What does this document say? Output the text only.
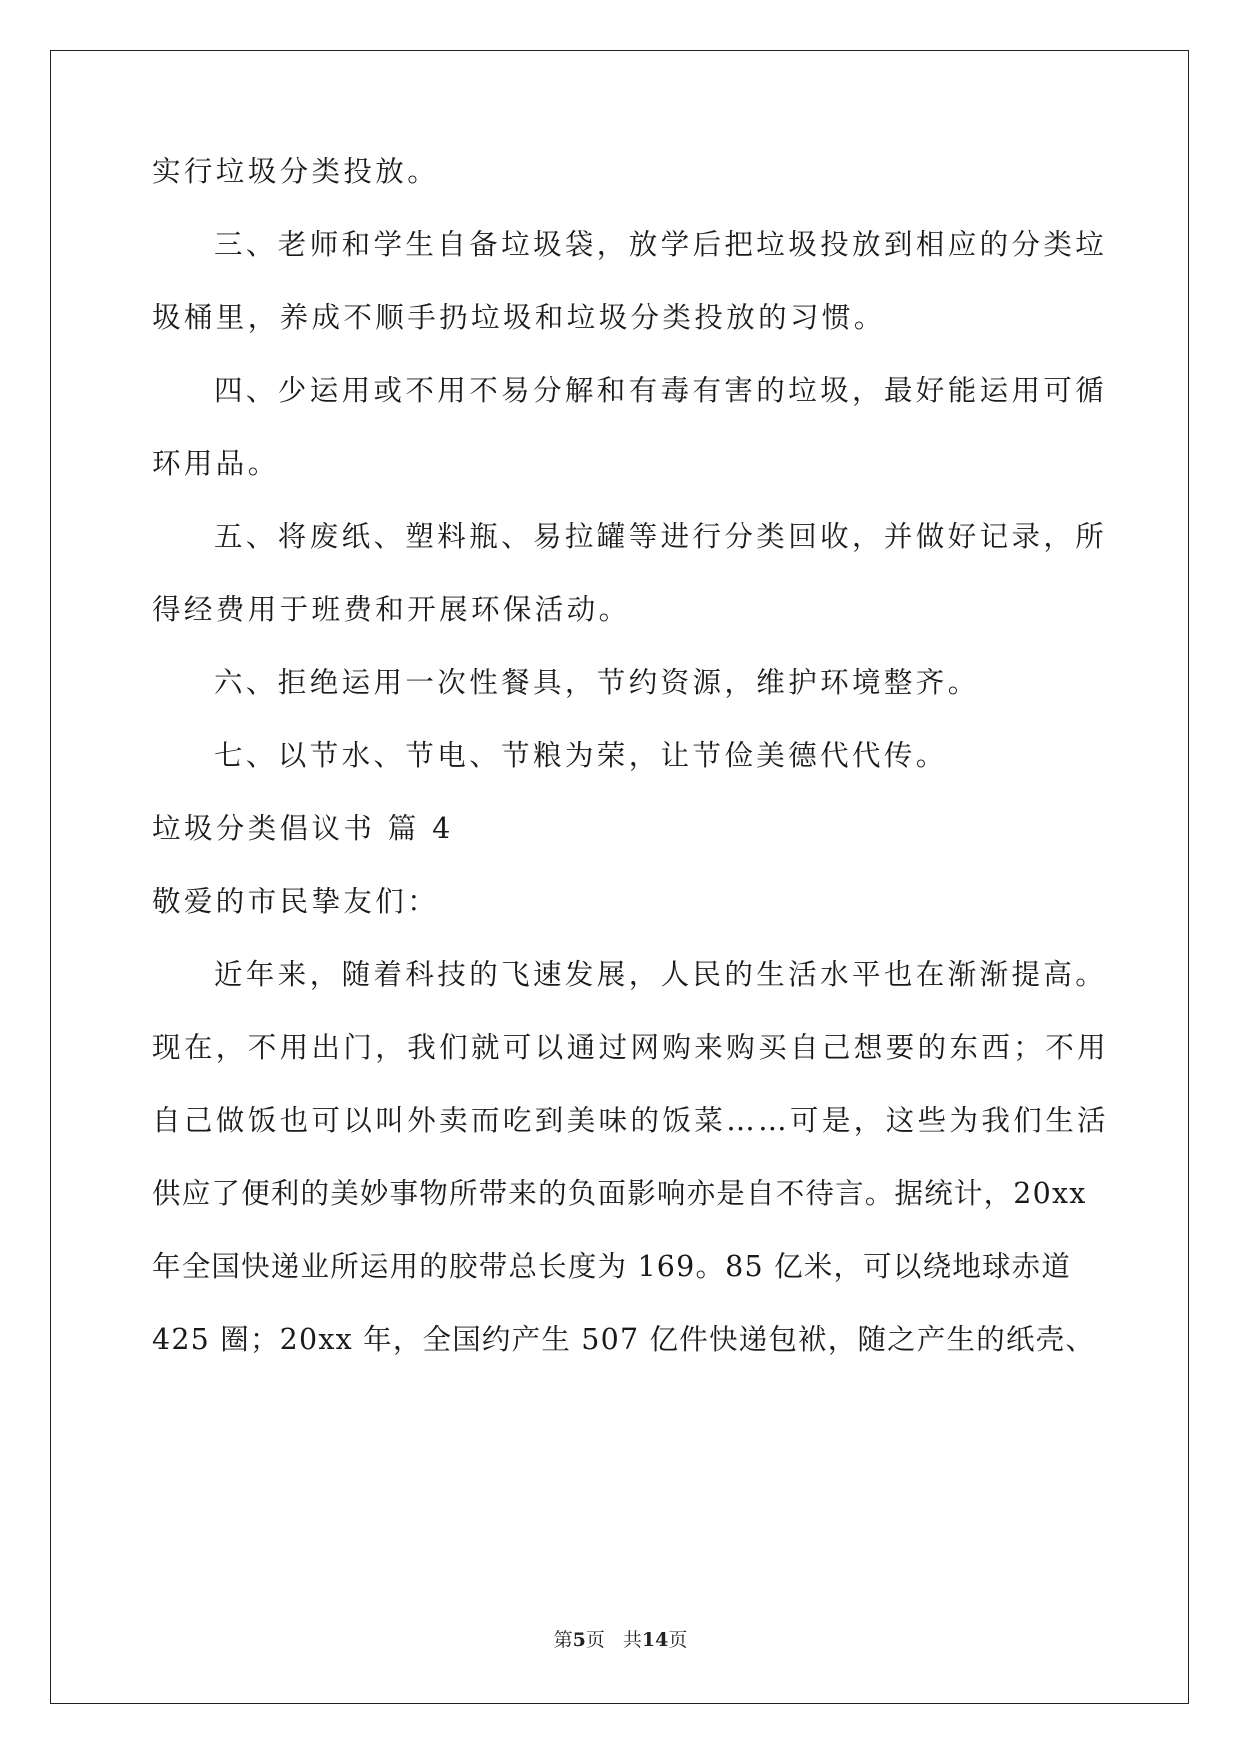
实行垃圾分类投放。
三、老师和学生自备垃圾袋，放学后把垃圾投放到相应的分类垃
圾桶里，养成不顺手扔垃圾和垃圾分类投放的习惯。
四、少运用或不用不易分解和有毒有害的垃圾，最好能运用可循
环用品。
五、将废纸、塑料瓶、易拉罐等进行分类回收，并做好记录，所
得经费用于班费和开展环保活动。
六、拒绝运用一次性餐具，节约资源，维护环境整齐。
七、以节水、节电、节粮为荣，让节俭美德代代传。
垃圾分类倡议书 篇 4
敬爱的市民挚友们：
近年来，随着科技的飞速发展，人民的生活水平也在渐渐提高。
现在，不用出门，我们就可以通过网购来购买自己想要的东西；不用
自己做饭也可以叫外卖而吃到美味的饭菜……可是，这些为我们生活
供应了便利的美妙事物所带来的负面影响亦是自不待言。据统计，20xx
年全国快递业所运用的胶带总长度为 169。85 亿米，可以绕地球赤道
425 圈；20xx 年，全国约产生 507 亿件快递包袱，随之产生的纸壳、
第5页 共14页
